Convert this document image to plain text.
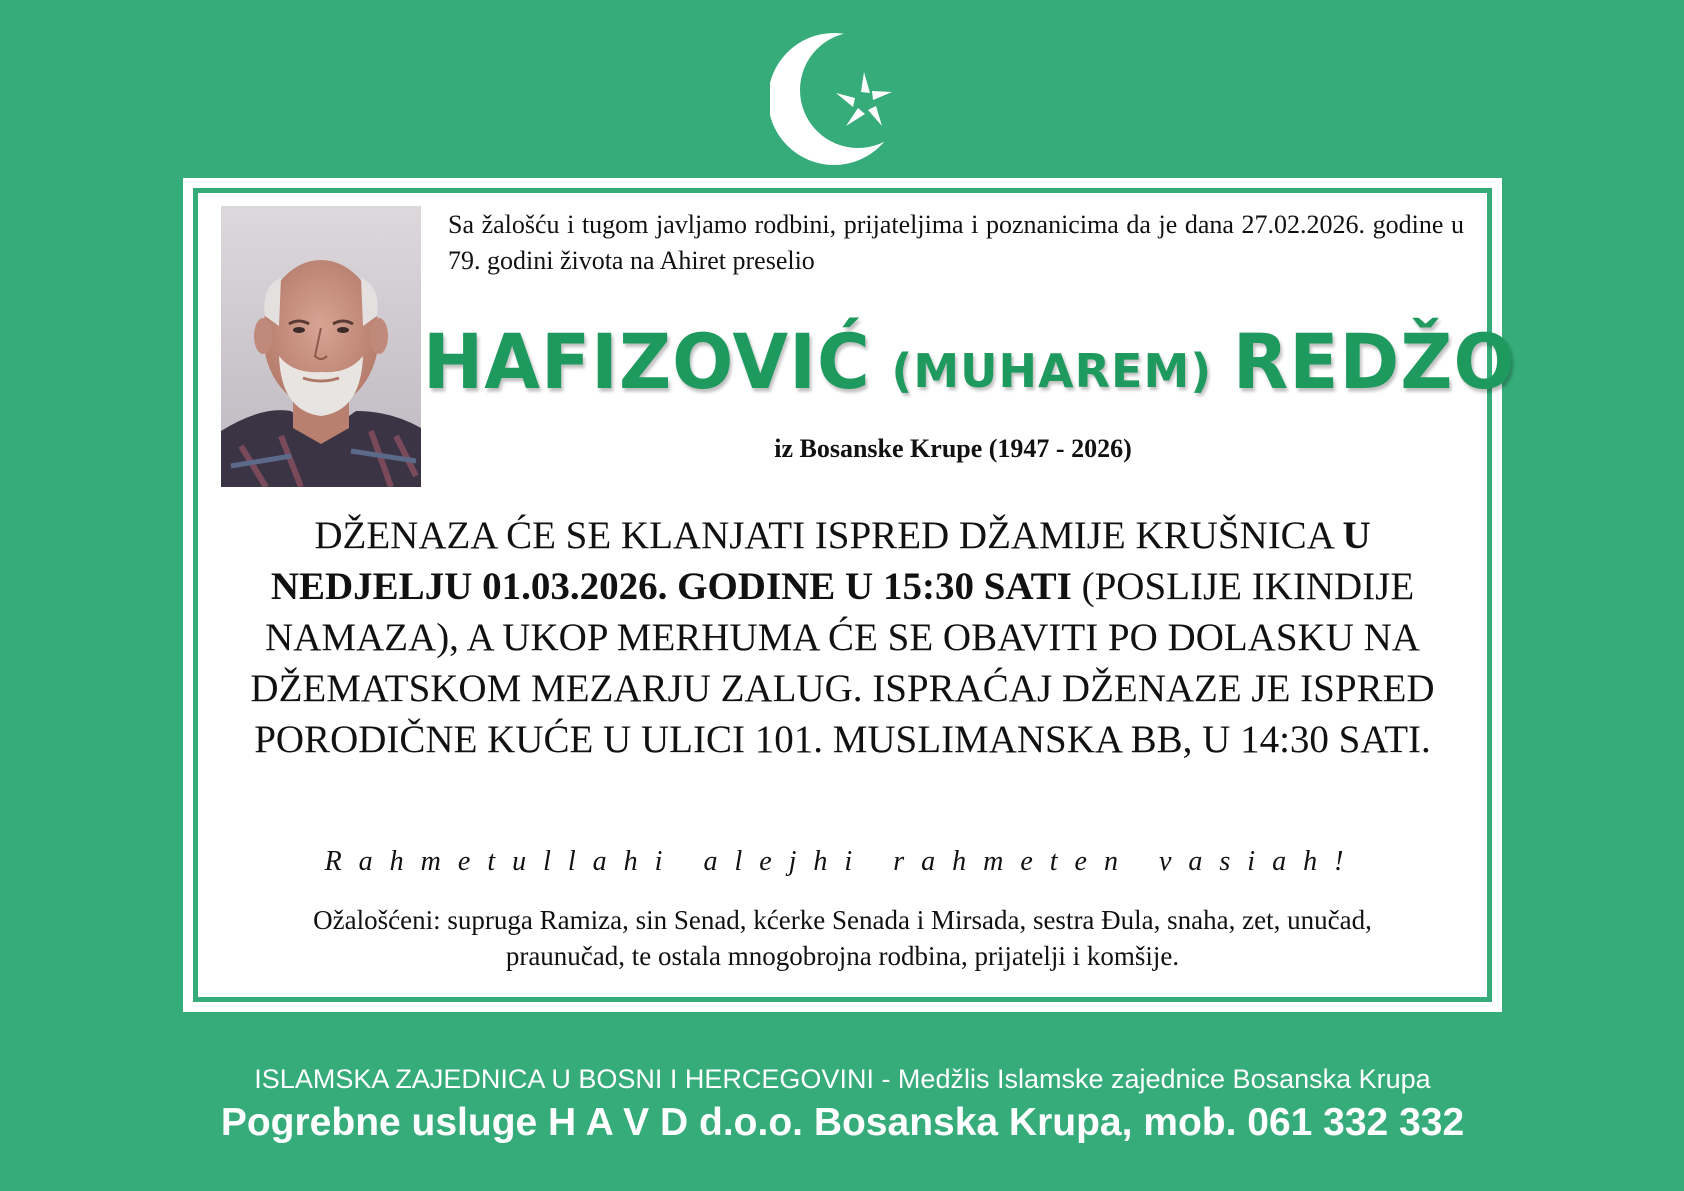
Sa žalošću i tugom javljamo rodbini, prijateljima i poznanicima da je dana 27.02.2026. godine u 79. godini života na Ahiret preselio

HAFIZOVIĆ (MUHAREM) REDŽO

iz Bosanske Krupe (1947 - 2026)

DŽENAZA ĆE SE KLANJATI ISPRED DŽAMIJE KRUŠNICA U NEDJELJU 01.03.2026. GODINE U 15:30 SATI (POSLIJE IKINDIJE NAMAZA), A UKOP MERHUMA ĆE SE OBAVITI PO DOLASKU NA DŽEMATSKOM MEZARJU ZALUG. ISPRAĆAJ DŽENAZE JE ISPRED PORODIČNE KUĆE U ULICI 101. MUSLIMANSKA BB, U 14:30 SATI.

Rahmetullahi alejhi rahmeten vasiah!

Ožalošćeni: supruga Ramiza, sin Senad, kćerke Senada i Mirsada, sestra Đula, snaha, zet, unučad,
praunučad, te ostala mnogobrojna rodbina, prijatelji i komšije.

ISLAMSKA ZAJEDNICA U BOSNI I HERCEGOVINI - Medžlis Islamske zajednice Bosanska Krupa

Pogrebne usluge H A V D d.o.o. Bosanska Krupa, mob. 061 332 332
